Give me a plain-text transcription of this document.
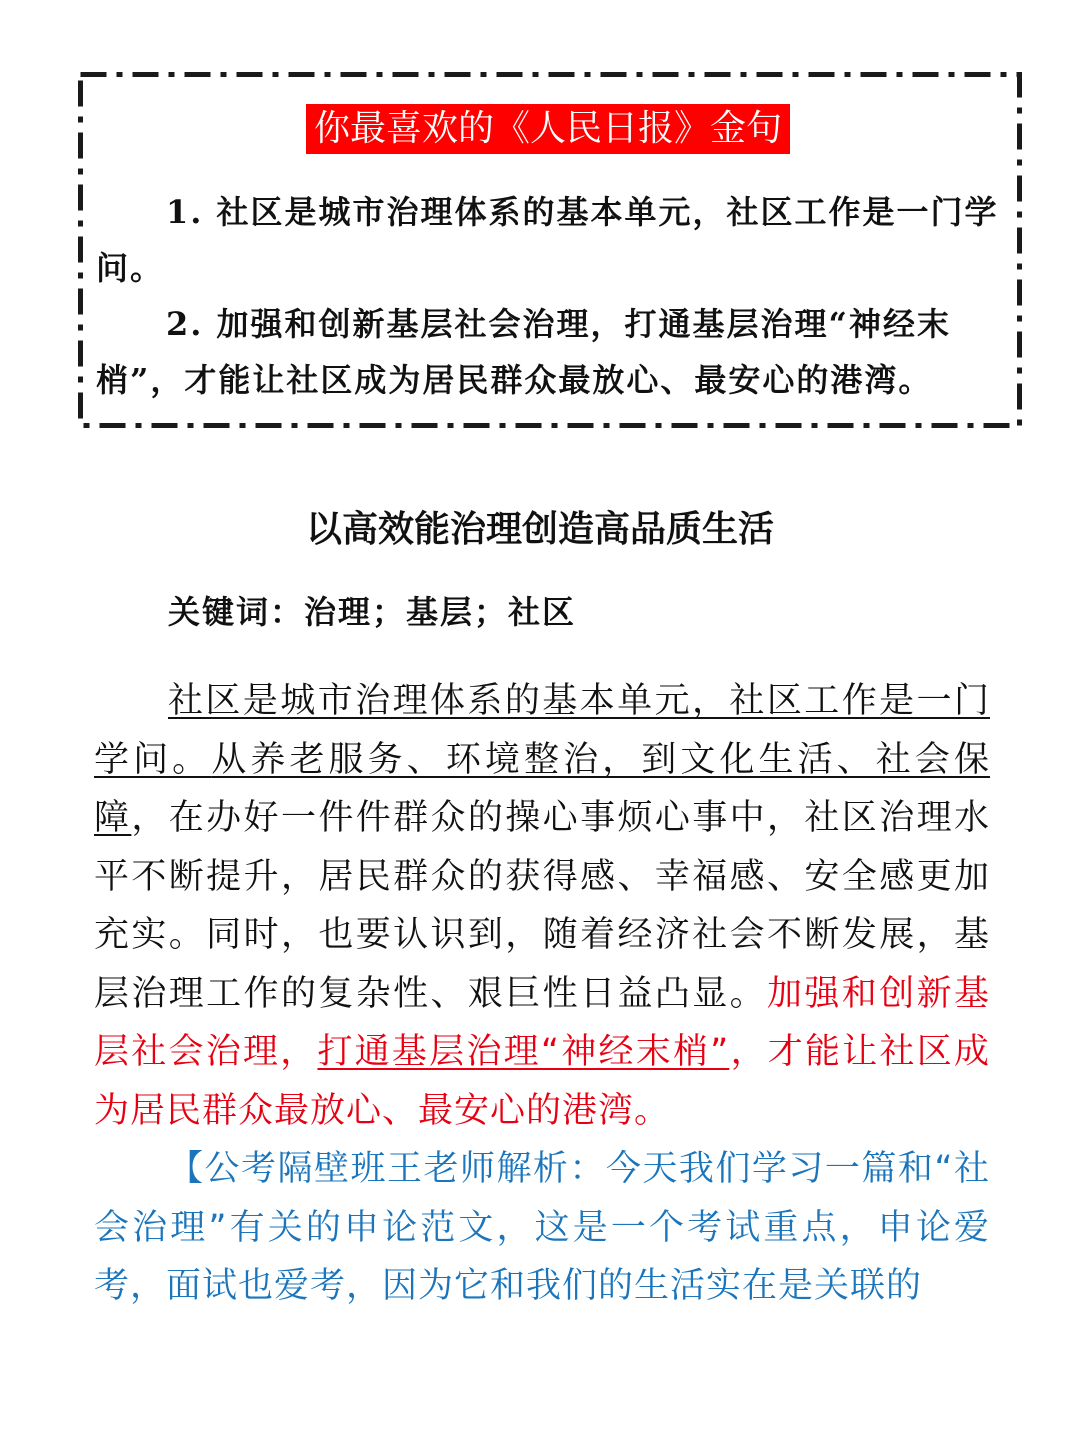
你最喜欢的《人民日报》金句

1. 社区是城市治理体系的基本单元，社区工作是一门学问。

2. 加强和创新基层社会治理，打通基层治理“神经末梢”，才能让社区成为居民群众最放心、最安心的港湾。

以高效能治理创造高品质生活
关键词：治理；基层；社区

社区是城市治理体系的基本单元，社区工作是一门学问。从养老服务、环境整治，到文化生活、社会保障，在办好一件件群众的操心事烦心事中，社区治理水平不断提升，居民群众的获得感、幸福感、安全感更加充实。同时，也要认识到，随着经济社会不断发展，基层治理工作的复杂性、艰巨性日益凸显。加强和创新基层社会治理，打通基层治理“神经末梢”，才能让社区成为居民群众最放心、最安心的港湾。

【公考隔壁班王老师解析：今天我们学习一篇和“社会治理”有关的申论范文，这是一个考试重点，申论爱考，面试也爱考，因为它和我们的生活实在是关联的
